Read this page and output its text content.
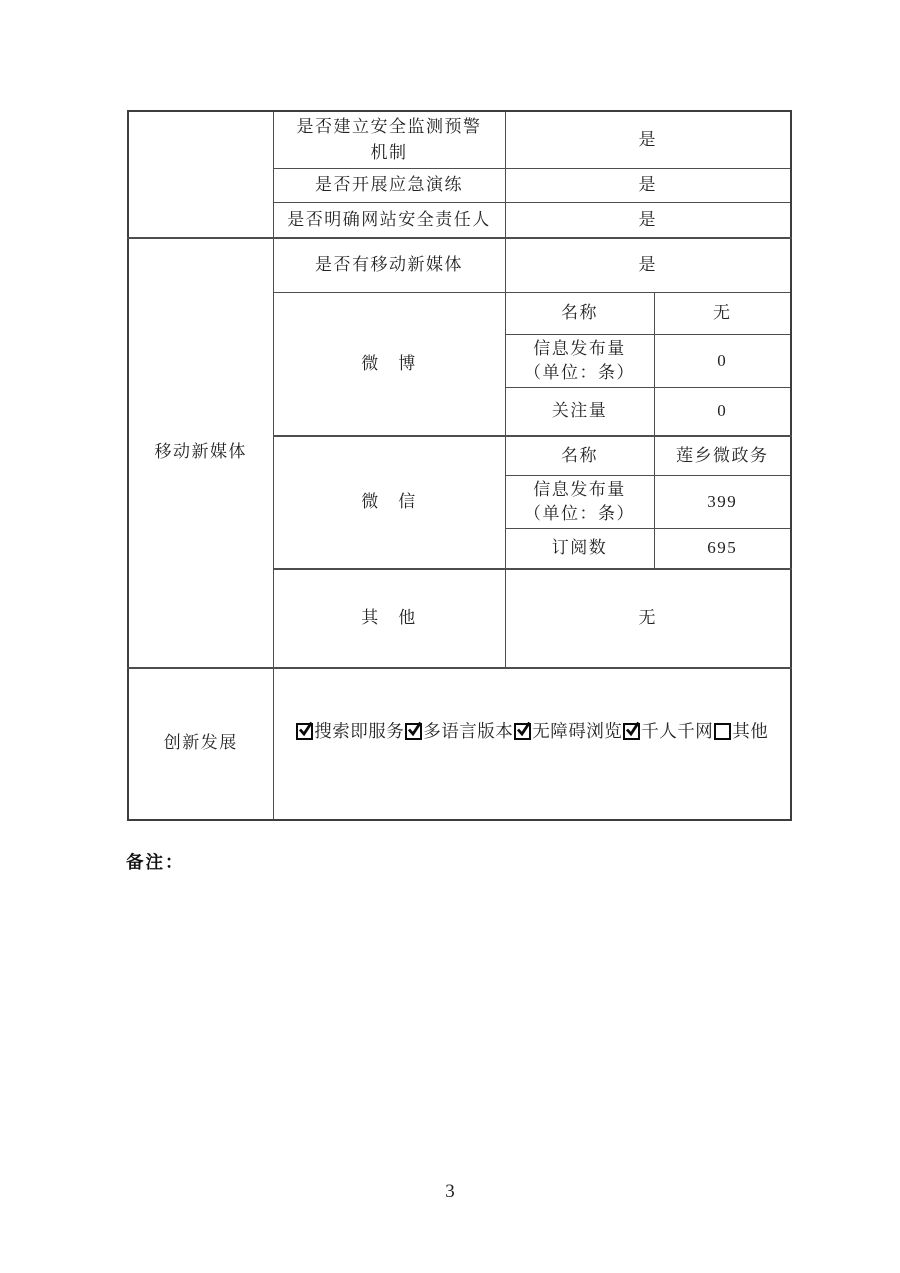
	是否建立安全监测预警机制	是	
	是否开展应急演练	是	
	是否明确网站安全责任人	是	
移动新媒体	是否有移动新媒体	是	
	微　博	名称	无

		信息发布量
（单位：条）	0
		关注量	0
	微　信	名称	莲乡微政务

		信息发布量
（单位：条）	399
		订阅数	695
	其　他	无	
创新发展	搜索即服务 多语言版本 无障碍浏览 千人千网 其他		
备注：
3
